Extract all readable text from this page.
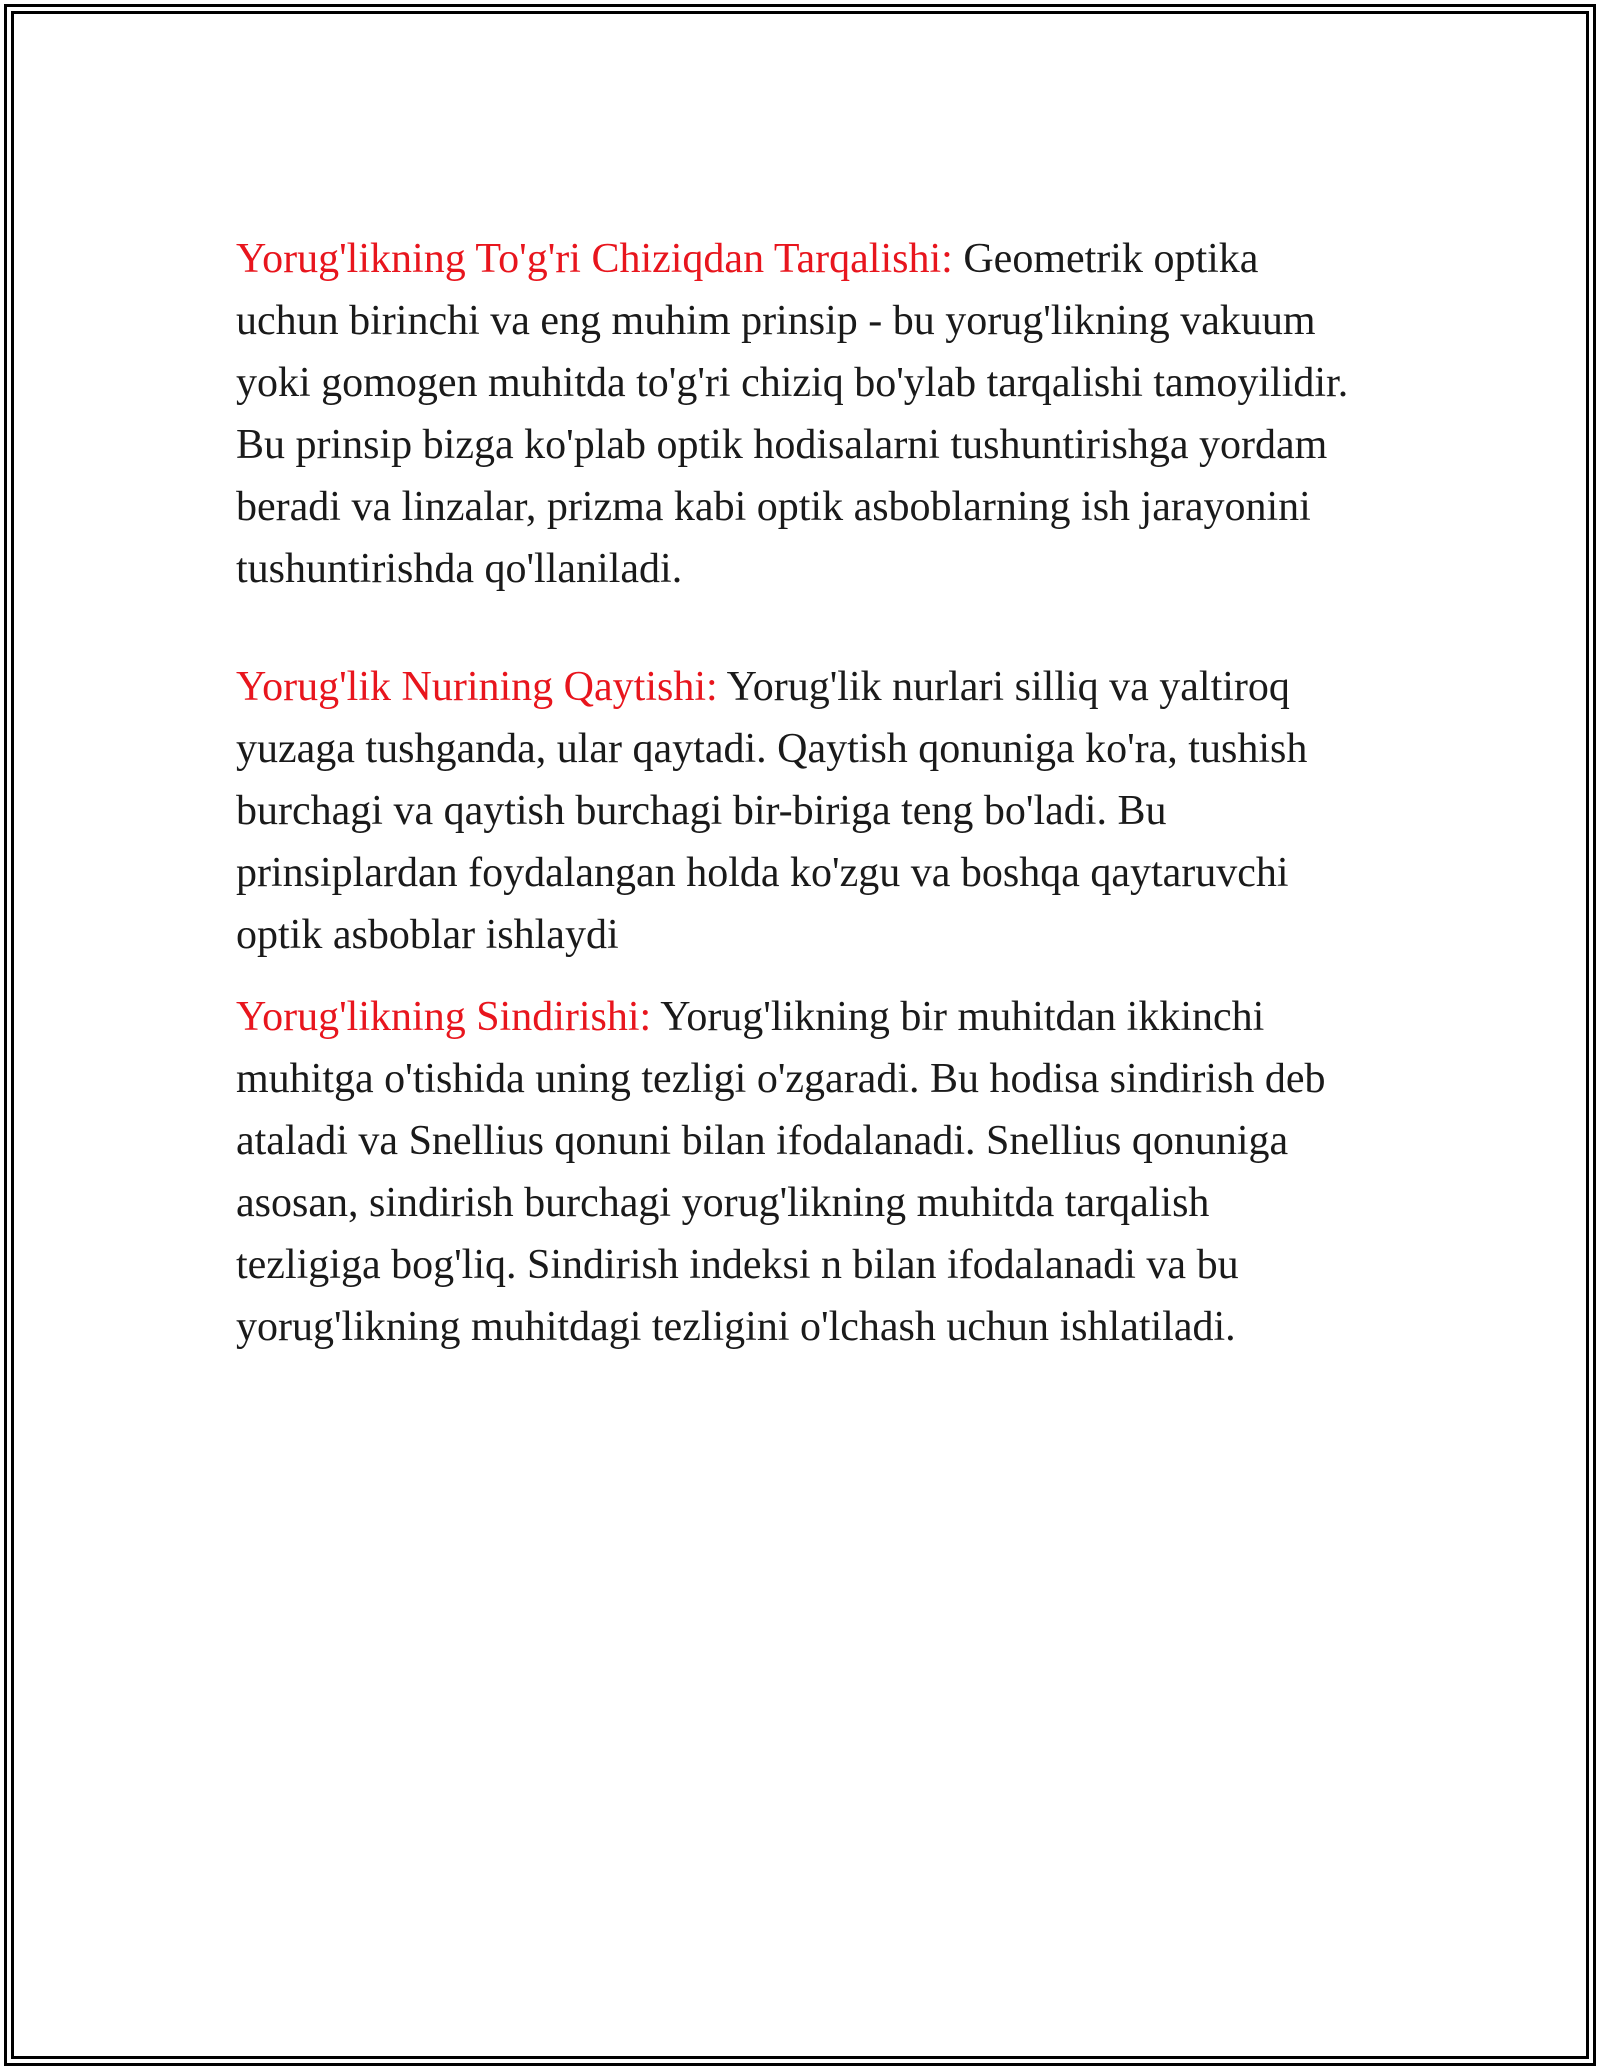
Yorug'likning To'g'ri Chiziqdan Tarqalishi: Geometrik optika uchun birinchi va eng muhim prinsip - bu yorug'likning vakuum yoki gomogen muhitda to'g'ri chiziq bo'ylab tarqalishi tamoyilidir. Bu prinsip bizga ko'plab optik hodisalarni tushuntirishga yordam beradi va linzalar, prizma kabi optik asboblarning ish jarayonini tushuntirishda qo'llaniladi.

Yorug'lik Nurining Qaytishi: Yorug'lik nurlari silliq va yaltiroq yuzaga tushganda, ular qaytadi. Qaytish qonuniga ko'ra, tushish burchagi va qaytish burchagi bir-biriga teng bo'ladi. Bu prinsiplardan foydalangan holda ko'zgu va boshqa qaytaruvchi optik asboblar ishlaydi

Yorug'likning Sindirishi: Yorug'likning bir muhitdan ikkinchi muhitga o'tishida uning tezligi o'zgaradi. Bu hodisa sindirish deb ataladi va Snellius qonuni bilan ifodalanadi. Snellius qonuniga asosan, sindirish burchagi yorug'likning muhitda tarqalish tezligiga bog'liq. Sindirish indeksi n bilan ifodalanadi va bu yorug'likning muhitdagi tezligini o'lchash uchun ishlatiladi.
